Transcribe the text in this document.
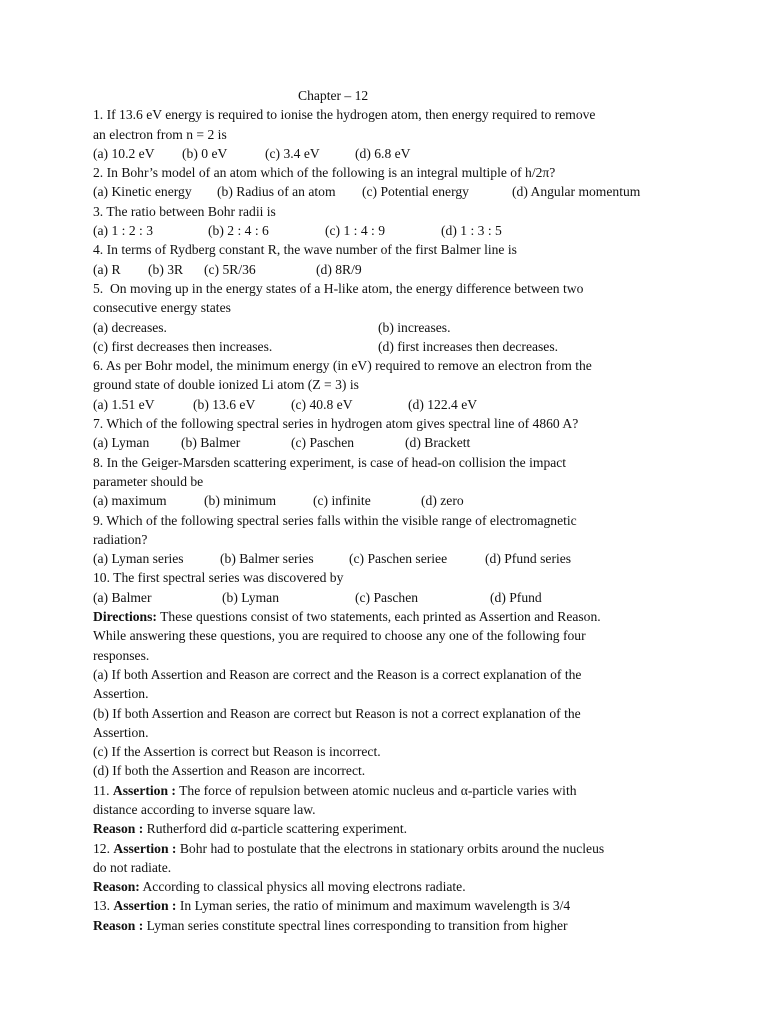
Chapter – 12
1. If 13.6 eV energy is required to ionise the hydrogen atom, then energy required to remove
an electron from n = 2 is
(a) 10.2 eV (b) 0 eV	(c) 3.4 eV	(d) 6.8 eV
2. In Bohr’s model of an atom which of the following is an integral multiple of h/2π?
(a) Kinetic energy (b) Radius of an atom (c) Potential energy	(d) Angular momentum
3. The ratio between Bohr radii is
(a) 1 : 2 : 3	(b) 2 : 4 : 6	(c) 1 : 4 : 9	(d) 1 : 3 : 5
4. In terms of Rydberg constant R, the wave number of the first Balmer line is
(a) R (b) 3R (c) 5R/36	(d) 8R/9
5.  On moving up in the energy states of a H-like atom, the energy difference between two
consecutive energy states
(a) decreases.	(b) increases.
(c) first decreases then increases.	(d) first increases then decreases.
6. As per Bohr model, the minimum energy (in eV) required to remove an electron from the
ground state of double ionized Li atom (Z = 3) is
(a) 1.51 eV	(b) 13.6 eV	(c) 40.8 eV	(d) 122.4 eV
7. Which of the following spectral series in hydrogen atom gives spectral line of 4860 A?
(a) Lyman (b) Balmer	(c) Paschen	(d) Brackett
8. In the Geiger-Marsden scattering experiment, is case of head-on collision the impact
parameter should be
(a) maximum	(b) minimum	(c) infinite	(d) zero
9. Which of the following spectral series falls within the visible range of electromagnetic
radiation?
(a) Lyman series	(b) Balmer series	(c) Paschen seriee	(d) Pfund series
10. The first spectral series was discovered by
(a) Balmer	(b) Lyman	(c) Paschen	(d) Pfund
Directions: These questions consist of two statements, each printed as Assertion and Reason.
While answering these questions, you are required to choose any one of the following four
responses.
(a) If both Assertion and Reason are correct and the Reason is a correct explanation of the
Assertion.
(b) If both Assertion and Reason are correct but Reason is not a correct explanation of the
Assertion.
(c) If the Assertion is correct but Reason is incorrect.
(d) If both the Assertion and Reason are incorrect.
11. Assertion : The force of repulsion between atomic nucleus and α-particle varies with
distance according to inverse square law.
Reason : Rutherford did α-particle scattering experiment.
12. Assertion : Bohr had to postulate that the electrons in stationary orbits around the nucleus
do not radiate.
Reason: According to classical physics all moving electrons radiate.
13. Assertion : In Lyman series, the ratio of minimum and maximum wavelength is 3/4
Reason : Lyman series constitute spectral lines corresponding to transition from higher
